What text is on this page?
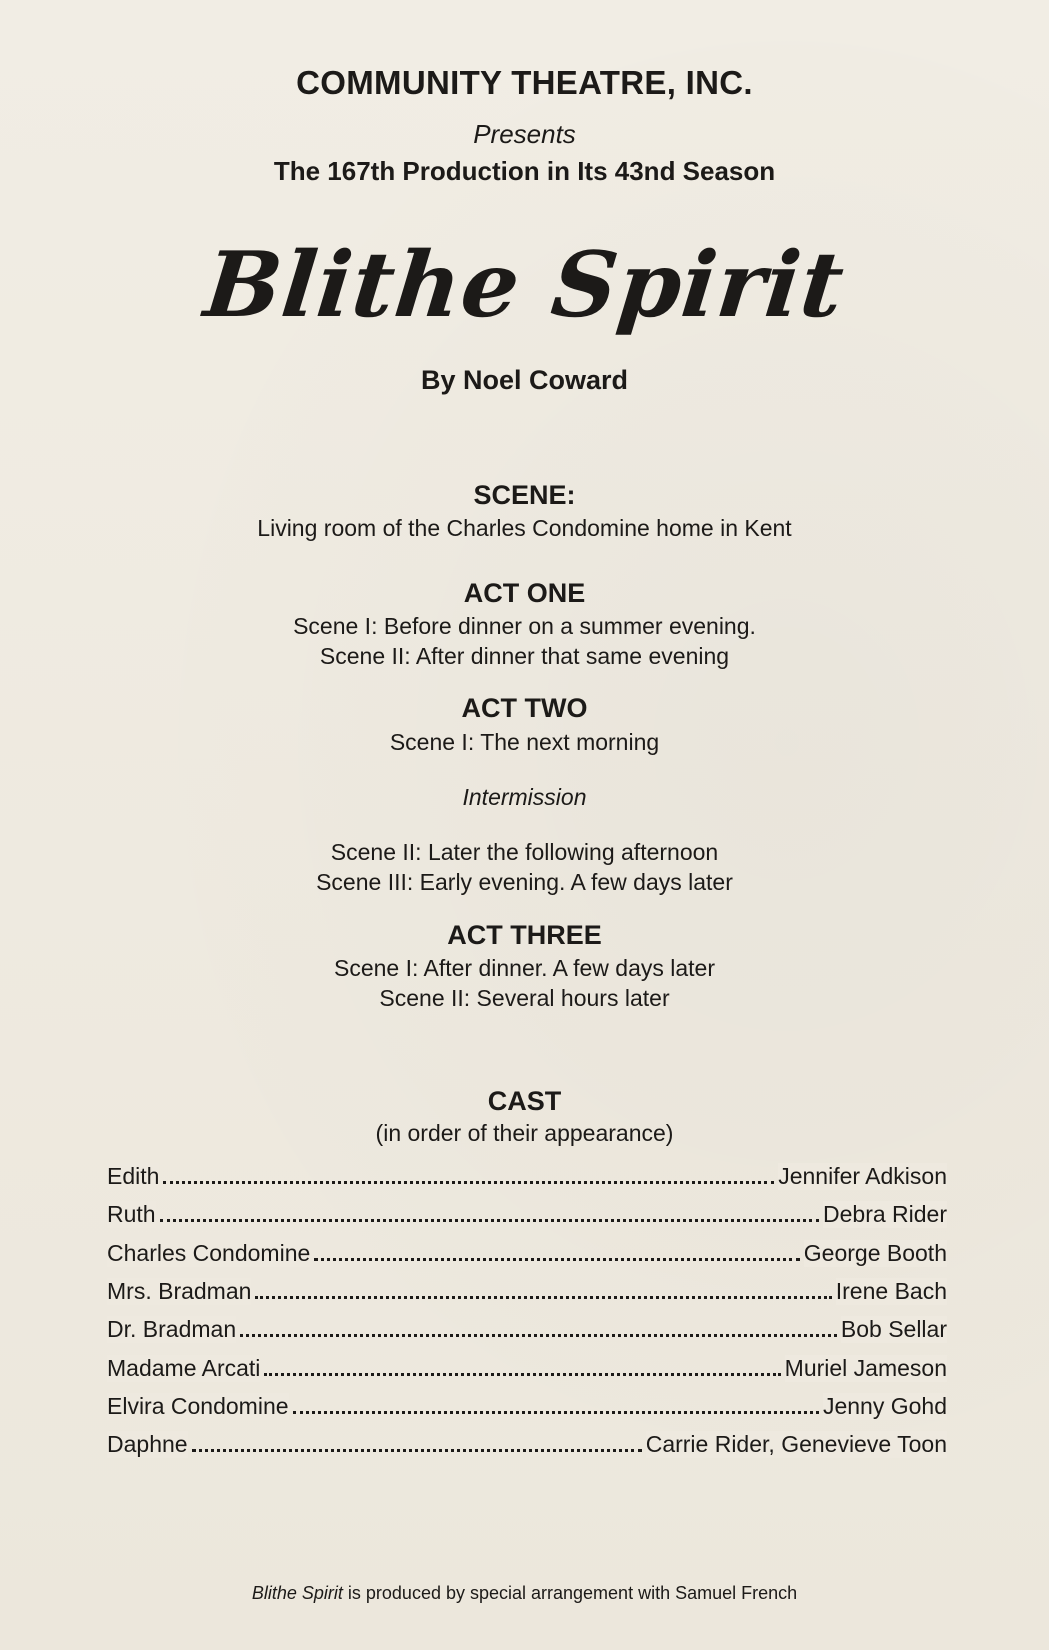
COMMUNITY THEATRE, INC.
Presents
The 167th Production in Its 43nd Season
Blithe Spirit
By Noel Coward
SCENE:
Living room of the Charles Condomine home in Kent
ACT ONE
Scene I: Before dinner on a summer evening.
Scene II: After dinner that same evening
ACT TWO
Scene I: The next morning
Intermission
Scene II: Later the following afternoon
Scene III: Early evening. A few days later
ACT THREE
Scene I: After dinner. A few days later
Scene II: Several hours later
CAST
(in order of their appearance)
Edith	Jennifer Adkison
Ruth	Debra Rider
Charles Condomine	George Booth
Mrs. Bradman	Irene Bach
Dr. Bradman	Bob Sellar
Madame Arcati	Muriel Jameson
Elvira Condomine	Jenny Gohd
Daphne	Carrie Rider, Genevieve Toon
Blithe Spirit is produced by special arrangement with Samuel French
